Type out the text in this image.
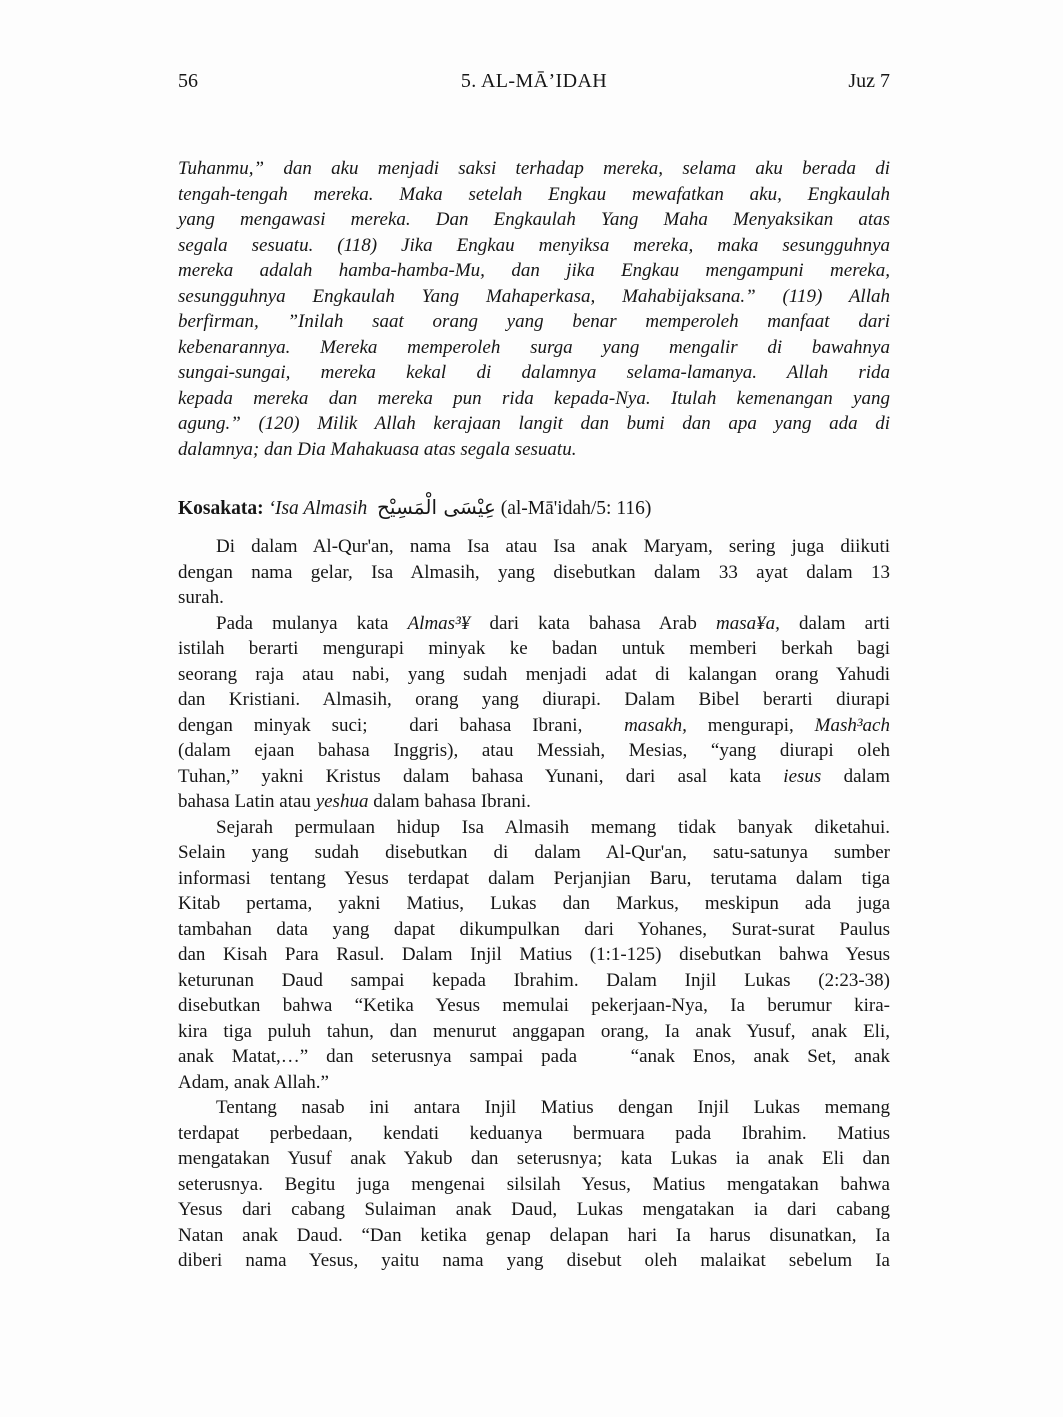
56	5. AL-MĀ’IDAH	Juz 7
Tuhanmu,” dan aku menjadi saksi terhadap mereka, selama aku berada di
tengah-tengah mereka. Maka setelah Engkau mewafatkan aku, Engkaulah
yang mengawasi mereka. Dan Engkaulah Yang Maha Menyaksikan atas
segala sesuatu. (118) Jika Engkau menyiksa mereka, maka sesungguhnya
mereka adalah hamba-hamba-Mu, dan jika Engkau mengampuni mereka,
sesungguhnya Engkaulah Yang Mahaperkasa, Mahabijaksana.” (119) Allah
berfirman, ”Inilah saat orang yang benar memperoleh manfaat dari
kebenarannya. Mereka memperoleh surga yang mengalir di bawahnya
sungai-sungai, mereka kekal di dalamnya selama-lamanya. Allah rida
kepada mereka dan mereka pun rida kepada-Nya. Itulah kemenangan yang
agung.” (120) Milik Allah kerajaan langit dan bumi dan apa yang ada di
dalamnya; dan Dia Mahakuasa atas segala sesuatu.
Kosakata: ‘Isa Almasih عِيْسَى الْمَسِيْح (al-Mā'idah/5: 116)
Di dalam Al-Qur'an, nama Isa atau Isa anak Maryam, sering juga diikuti
dengan nama gelar, Isa Almasih, yang disebutkan dalam 33 ayat dalam 13
surah.
Pada mulanya kata Almas³¥ dari kata bahasa Arab masa¥a, dalam arti
istilah berarti mengurapi minyak ke badan untuk memberi berkah bagi
seorang raja atau nabi, yang sudah menjadi adat di kalangan orang Yahudi
dan Kristiani. Almasih, orang yang diurapi. Dalam Bibel berarti diurapi
dengan minyak suci;  dari bahasa Ibrani,  masakh, mengurapi, Mash³ach
(dalam ejaan bahasa Inggris), atau Messiah, Mesias, “yang diurapi oleh
Tuhan,” yakni Kristus dalam bahasa Yunani, dari asal kata iesus dalam
bahasa Latin atau yeshua dalam bahasa Ibrani.
Sejarah permulaan hidup Isa Almasih memang tidak banyak diketahui.
Selain yang sudah disebutkan di dalam Al-Qur'an, satu-satunya sumber
informasi tentang Yesus terdapat dalam Perjanjian Baru, terutama dalam tiga
Kitab pertama, yakni Matius, Lukas dan Markus, meskipun ada juga
tambahan data yang dapat dikumpulkan dari Yohanes, Surat-surat Paulus
dan Kisah Para Rasul. Dalam Injil Matius (1:1-125) disebutkan bahwa Yesus
keturunan Daud sampai kepada Ibrahim. Dalam Injil Lukas (2:23-38)
disebutkan bahwa “Ketika Yesus memulai pekerjaan-Nya, Ia berumur kira-
kira tiga puluh tahun, dan menurut anggapan orang, Ia anak Yusuf, anak Eli,
anak Matat,…” dan seterusnya sampai pada   “anak Enos, anak Set, anak
Adam, anak Allah.”
Tentang nasab ini antara Injil Matius dengan Injil Lukas memang
terdapat perbedaan, kendati keduanya bermuara pada Ibrahim. Matius
mengatakan Yusuf anak Yakub dan seterusnya; kata Lukas ia anak Eli dan
seterusnya. Begitu juga mengenai silsilah Yesus, Matius mengatakan bahwa
Yesus dari cabang Sulaiman anak Daud, Lukas mengatakan ia dari cabang
Natan anak Daud. “Dan ketika genap delapan hari Ia harus disunatkan, Ia
diberi nama Yesus, yaitu nama yang disebut oleh malaikat sebelum Ia
